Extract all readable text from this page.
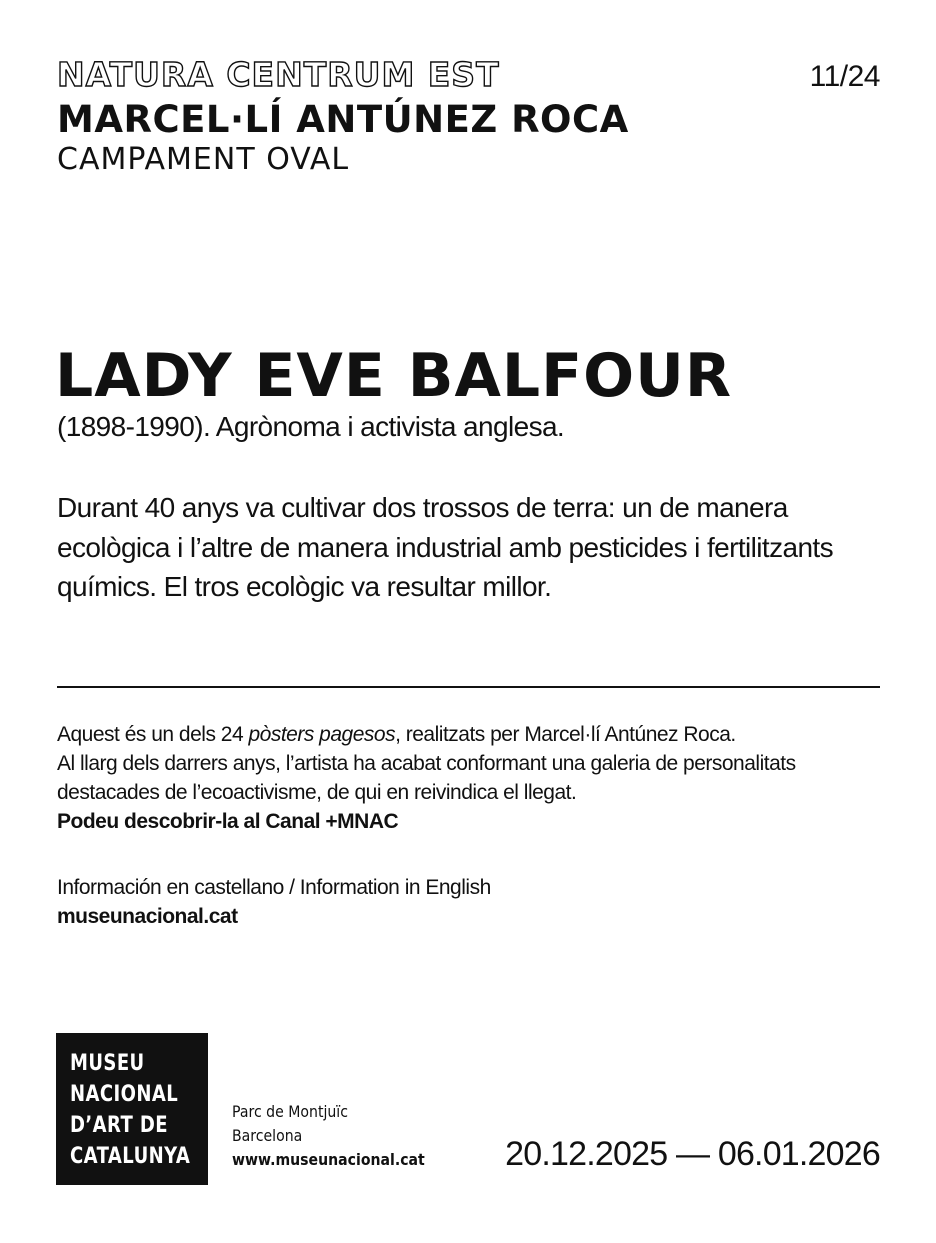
NATURA CENTRUM EST	11/24
MARCEL·LÍ ANTÚNEZ ROCA
CAMPAMENT OVAL
LADY EVE BALFOUR
(1898-1990). Agrònoma i activista anglesa.

Durant 40 anys va cultivar dos trossos de terra: un de manera ecològica i l’altre de manera industrial amb pesticides i fertilitzants químics. El tros ecològic va resultar millor.

Aquest és un dels 24 pòsters pagesos, realitzats per Marcel·lí Antúnez Roca.
Al llarg dels darrers anys, l’artista ha acabat conformant una galeria de personalitats
destacades de l’ecoactivisme, de qui en reivindica el llegat.
Podeu descobrir-la al Canal +MNAC
Información en castellano / Information in English
museunacional.cat
MUSEU
NACIONAL
D’ART DE
CATALUNYA
Parc de Montjuïc
Barcelona
www.museunacional.cat 20.12.2025 — 06.01.2026
